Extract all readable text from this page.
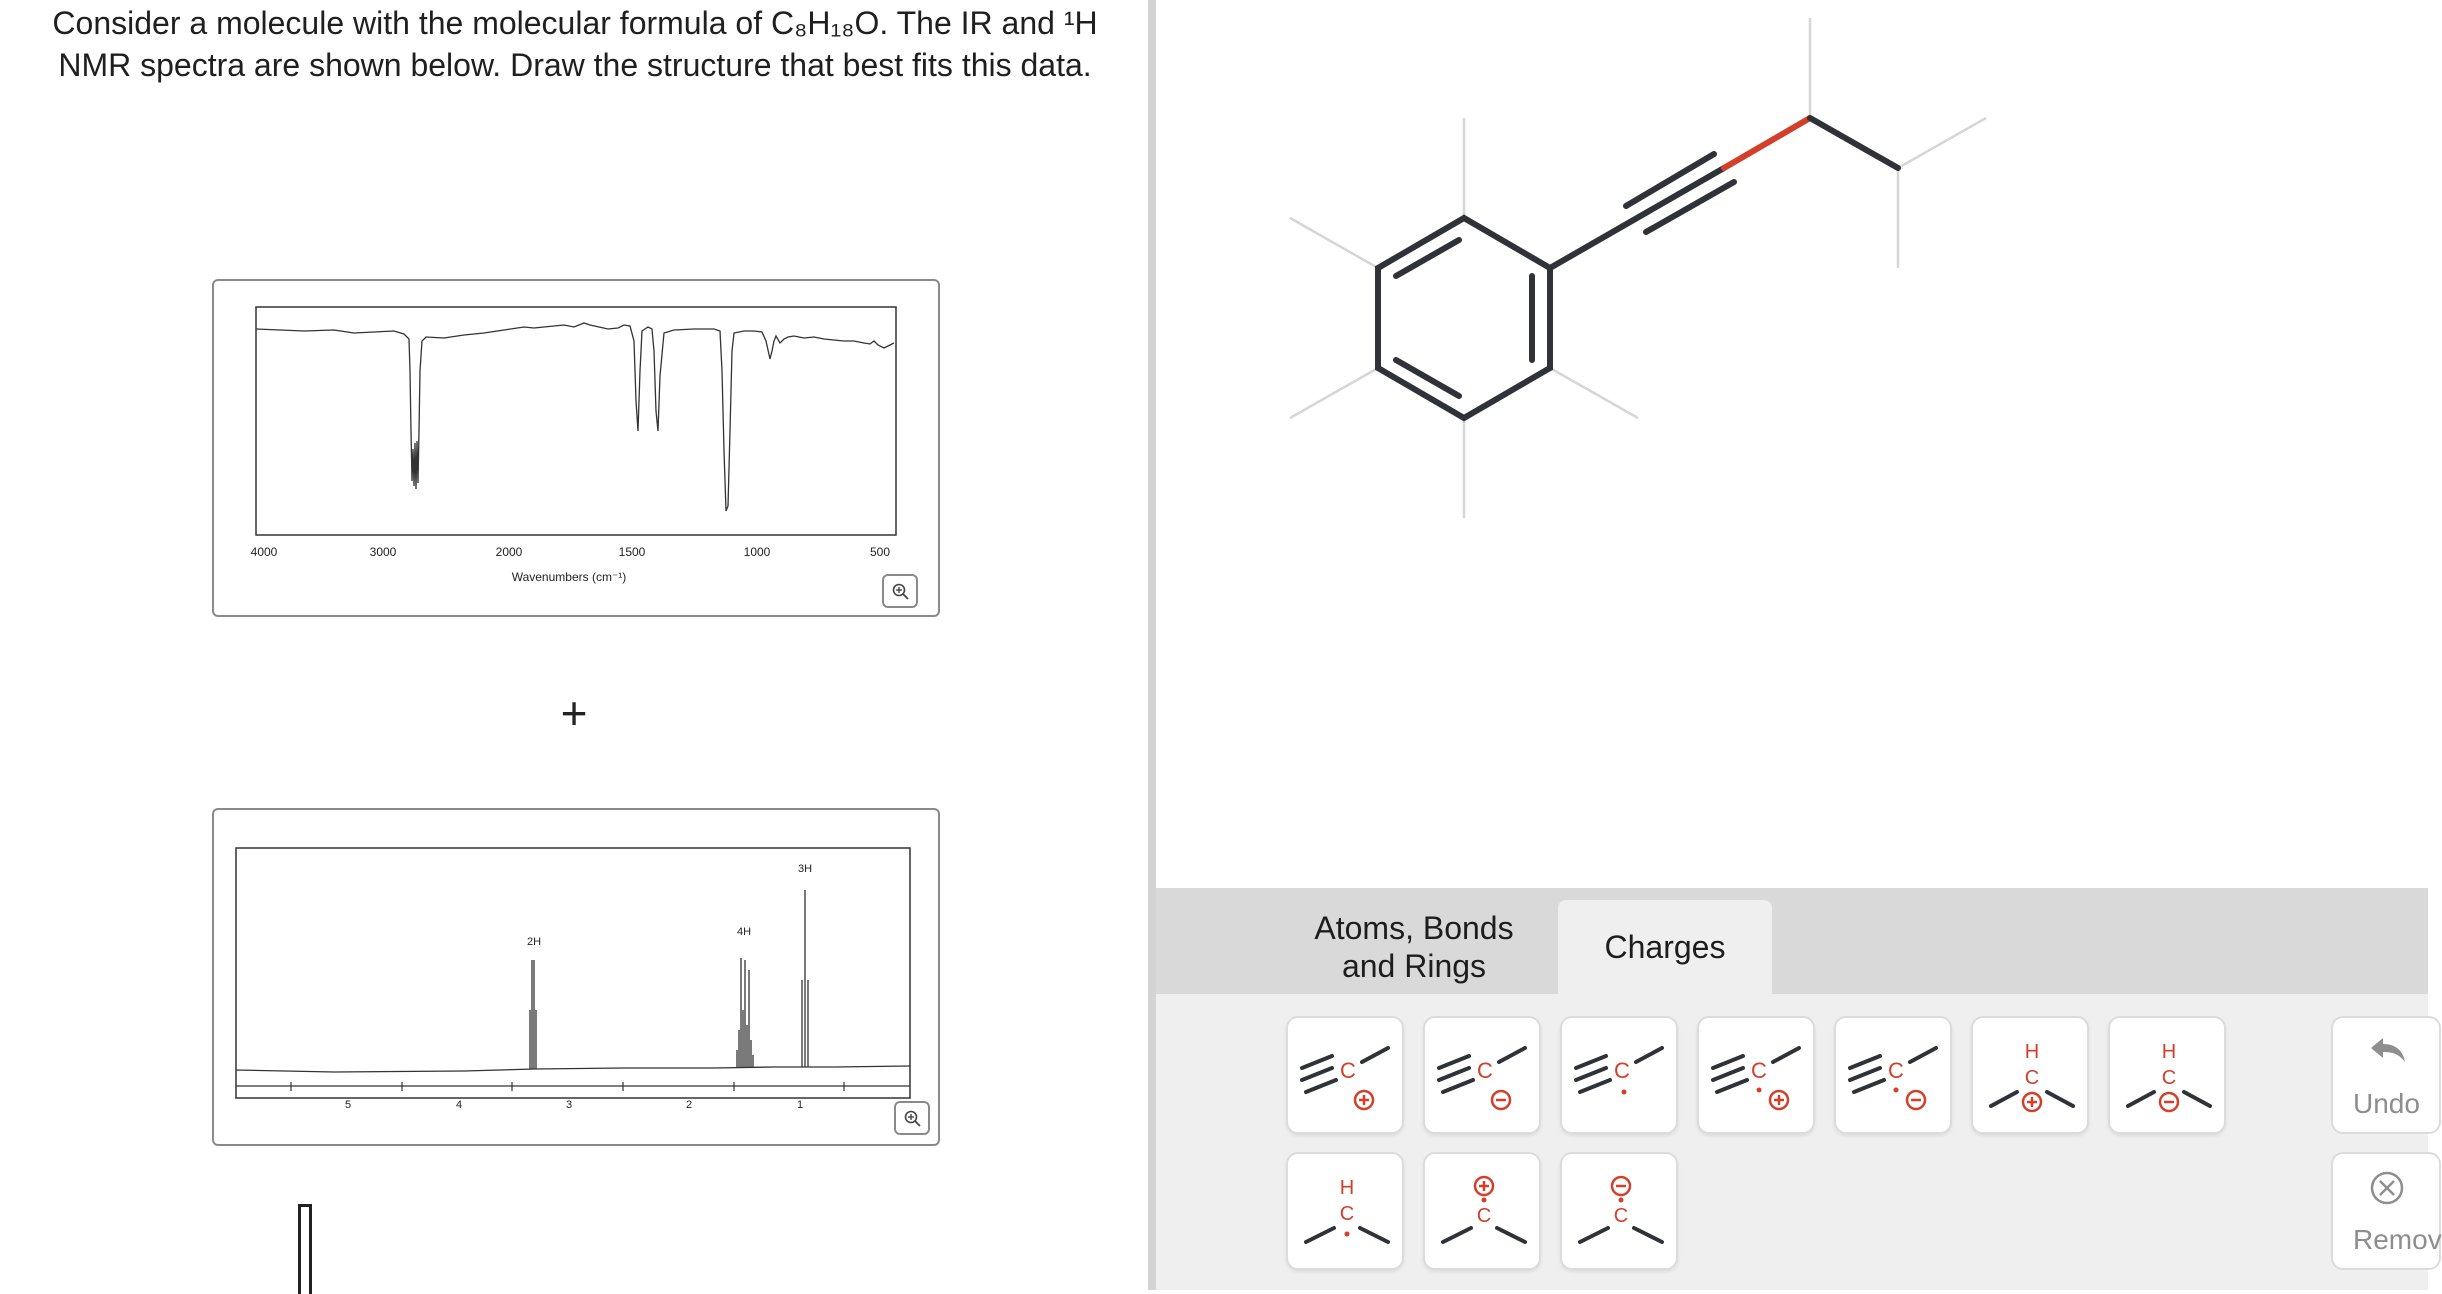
Consider a molecule with the molecular formula of C₈H₁₈O. The IR and ¹H NMR spectra are shown below. Draw the structure that best fits this data.

4000	3000	2000	1500	1000	500
Wavenumbers (cm⁻¹)
+
5	4	3	2	1
2H
4H
3H
Atoms, Bonds and Rings
Charges
C	C	C	C	C
H
C
H
C
H
C	C	C
Undo
Remov
